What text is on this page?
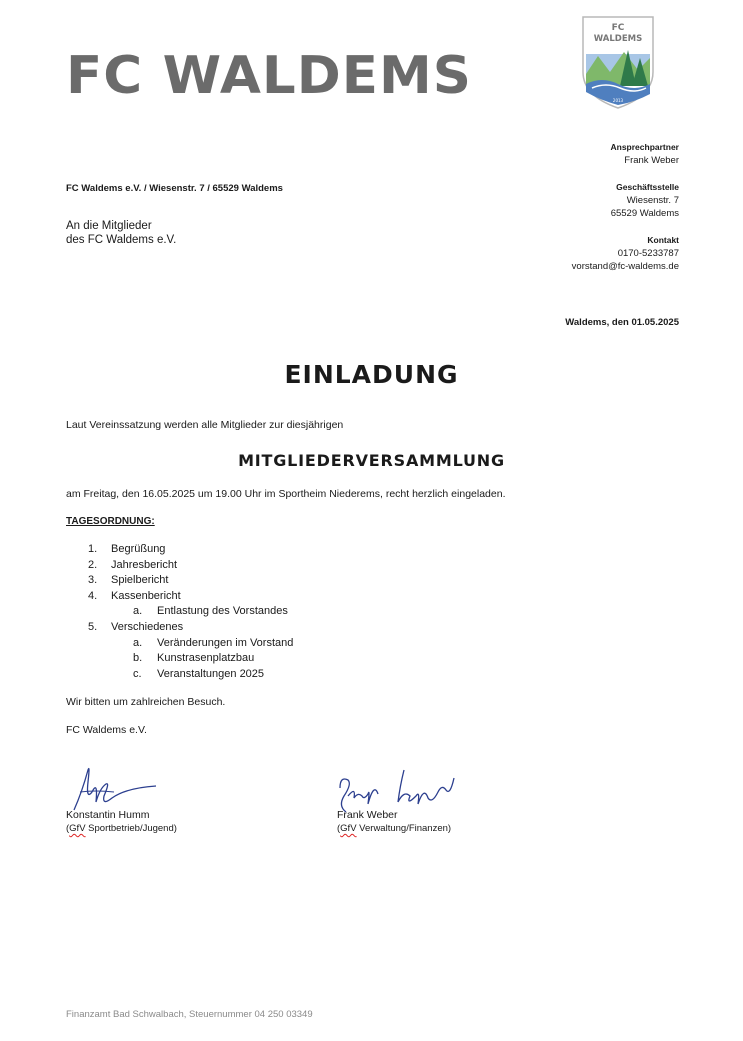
FC WALDEMS
FC
WALDEMS
2013
Ansprechpartner
Frank Weber
Geschäftsstelle
Wiesenstr. 7
65529 Waldems
Kontakt
0170-5233787
vorstand@fc-waldems.de
FC Waldems e.V. / Wiesenstr. 7 / 65529 Waldems
An die Mitglieder
des FC Waldems e.V.
Waldems, den 01.05.2025
EINLADUNG
Laut Vereinssatzung werden alle Mitglieder zur diesjährigen
MITGLIEDERVERSAMMLUNG
am Freitag, den 16.05.2025 um 19.00 Uhr im Sportheim Niederems, recht herzlich eingeladen.
TAGESORDNUNG:
1.	Begrüßung
2.	Jahresbericht
3.	Spielbericht
4.	Kassenbericht
a.	Entlastung des Vorstandes
5.	Verschiedenes
a.	Veränderungen im Vorstand
b.	Kunstrasenplatzbau
c.	Veranstaltungen 2025
Wir bitten um zahlreichen Besuch.
FC Waldems e.V.
Konstantin Humm
(GfV Sportbetrieb/Jugend)
Frank Weber
(GfV Verwaltung/Finanzen)
Finanzamt Bad Schwalbach, Steuernummer 04 250 03349
